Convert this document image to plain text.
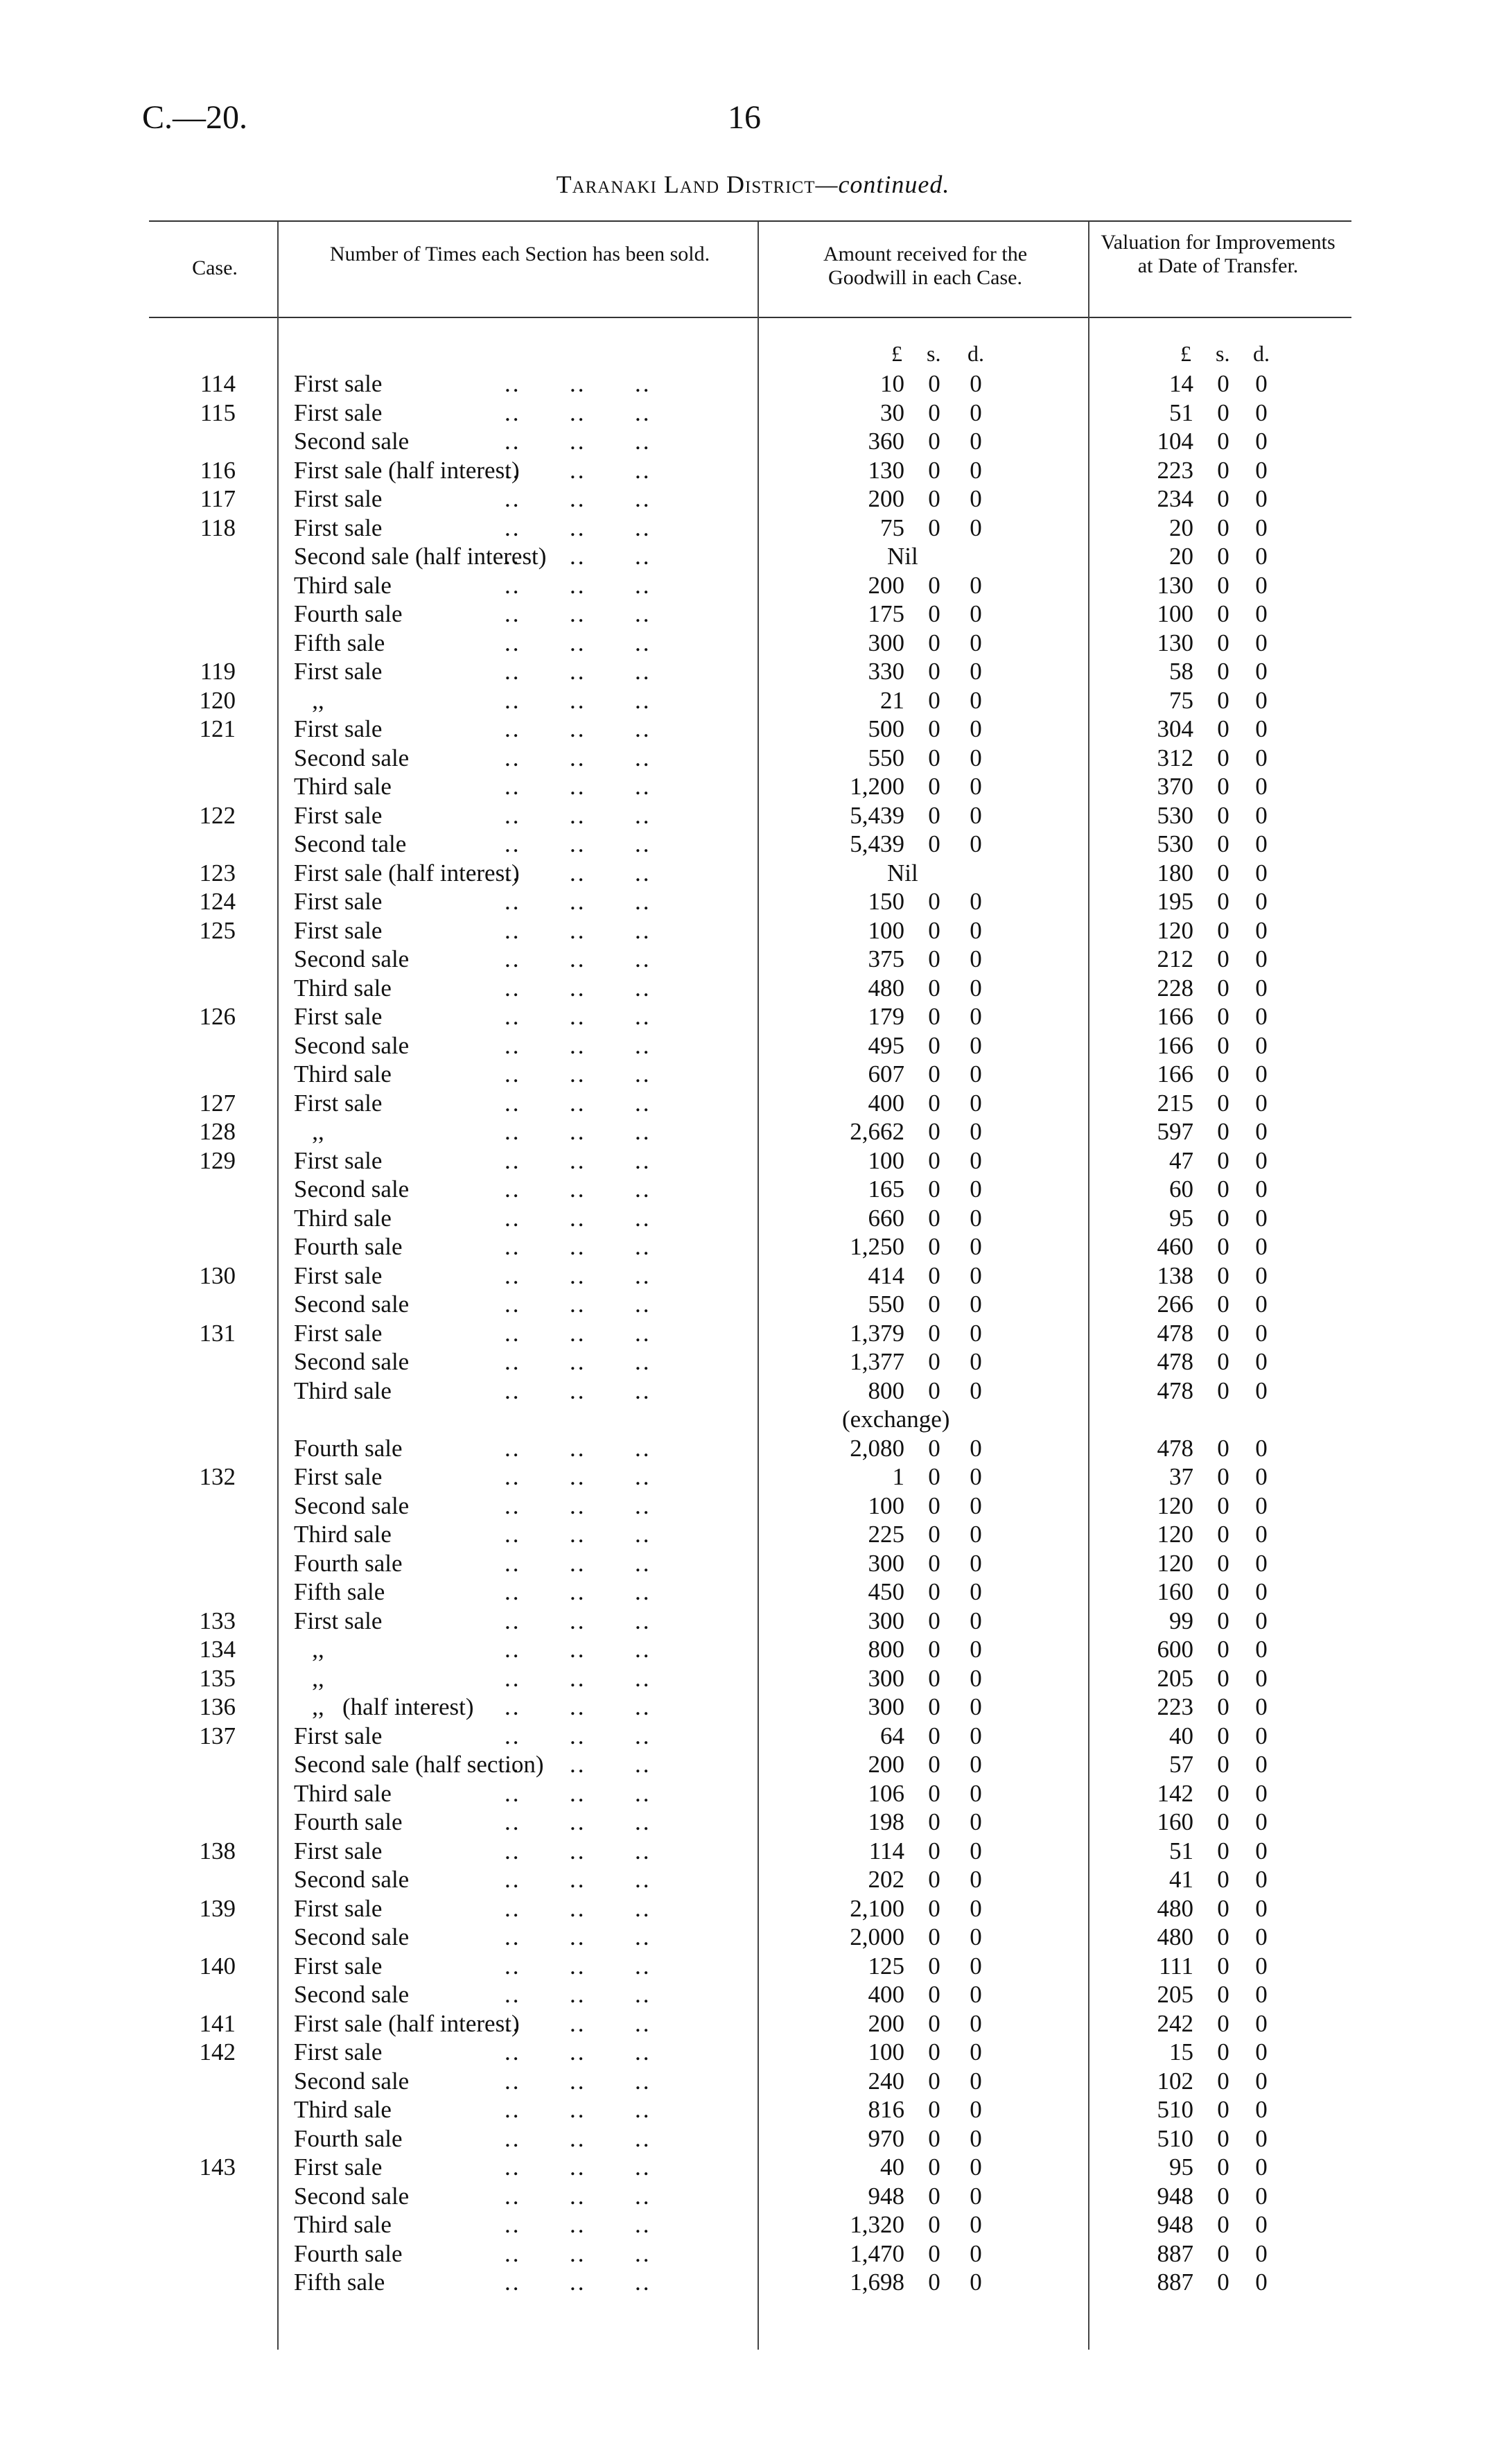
C.—20.	16
Taranaki Land District—continued.
Case.
Number of Times each Section has been sold.	Amount received for the Goodwill in each Case.
Valuation for Improvements at Date of Transfer.
£ s. d.	£ s. d.
114 First sale ..	10 0 0	14 0 0
115 First sale ..	30 0 0	51 0 0
Second sale ..	360 0 0	104 0 0
116 First sale (half interest) ..	130 0 0	223 0 0
117 First sale ..	200 0 0	234 0 0
118 First sale ..	75 0 0	20 0 0
Second sale (half interest) ..	Nil	20 0 0
Third sale ..	200 0 0	130 0 0
Fourth sale ..	175 0 0	100 0 0
Fifth sale ..	300 0 0	130 0 0
119 First sale ..	330 0 0	58 0 0
120 ,, ..	21 0 0	75 0 0
121 First sale ..	500 0 0	304 0 0
Second sale ..	550 0 0	312 0 0
Third sale ..	1,200 0 0	370 0 0
122 First sale ..	5,439 0 0	530 0 0
Second tale ..	5,439 0 0	530 0 0
123 First sale (half interest) ..	Nil	180 0 0
124 First sale ..	150 0 0	195 0 0
125 First sale ..	100 0 0	120 0 0
Second sale ..	375 0 0	212 0 0
Third sale ..	480 0 0	228 0 0
126 First sale ..	179 0 0	166 0 0
Second sale ..	495 0 0	166 0 0
Third sale ..	607 0 0	166 0 0
127 First sale ..	400 0 0	215 0 0
128 ,, ..	2,662 0 0	597 0 0
129 First sale ..	100 0 0	47 0 0
Second sale ..	165 0 0	60 0 0
Third sale ..	660 0 0	95 0 0
Fourth sale ..	1,250 0 0	460 0 0
130 First sale ..	414 0 0	138 0 0
Second sale ..	550 0 0	266 0 0
131 First sale ..	1,379 0 0	478 0 0
Second sale ..	1,377 0 0	478 0 0
Third sale ..	800 0 0	478 0 0
(exchange)
Fourth sale ..	2,080 0 0	478 0 0
132 First sale ..	1 0 0	37 0 0
Second sale ..	100 0 0	120 0 0
Third sale ..	225 0 0	120 0 0
Fourth sale ..	300 0 0	120 0 0
Fifth sale ..	450 0 0	160 0 0
133 First sale ..	300 0 0	99 0 0
134 ,, ..	800 0 0	600 0 0
135 ,, ..	300 0 0	205 0 0
136 ,,   (half interest) ..	300 0 0	223 0 0
137 First sale ..	64 0 0	40 0 0
Second sale (half section) ..	200 0 0	57 0 0
Third sale ..	106 0 0	142 0 0
Fourth sale ..	198 0 0	160 0 0
138 First sale ..	114 0 0	51 0 0
Second sale ..	202 0 0	41 0 0
139 First sale ..	2,100 0 0	480 0 0
Second sale ..	2,000 0 0	480 0 0
140 First sale ..	125 0 0	111 0 0
Second sale ..	400 0 0	205 0 0
141 First sale (half interest) ..	200 0 0	242 0 0
142 First sale ..	100 0 0	15 0 0
Second sale ..	240 0 0	102 0 0
Third sale ..	816 0 0	510 0 0
Fourth sale ..	970 0 0	510 0 0
143 First sale ..	40 0 0	95 0 0
Second sale ..	948 0 0	948 0 0
Third sale ..	1,320 0 0	948 0 0
Fourth sale ..	1,470 0 0	887 0 0
Fifth sale ..	1,698 0 0	887 0 0
